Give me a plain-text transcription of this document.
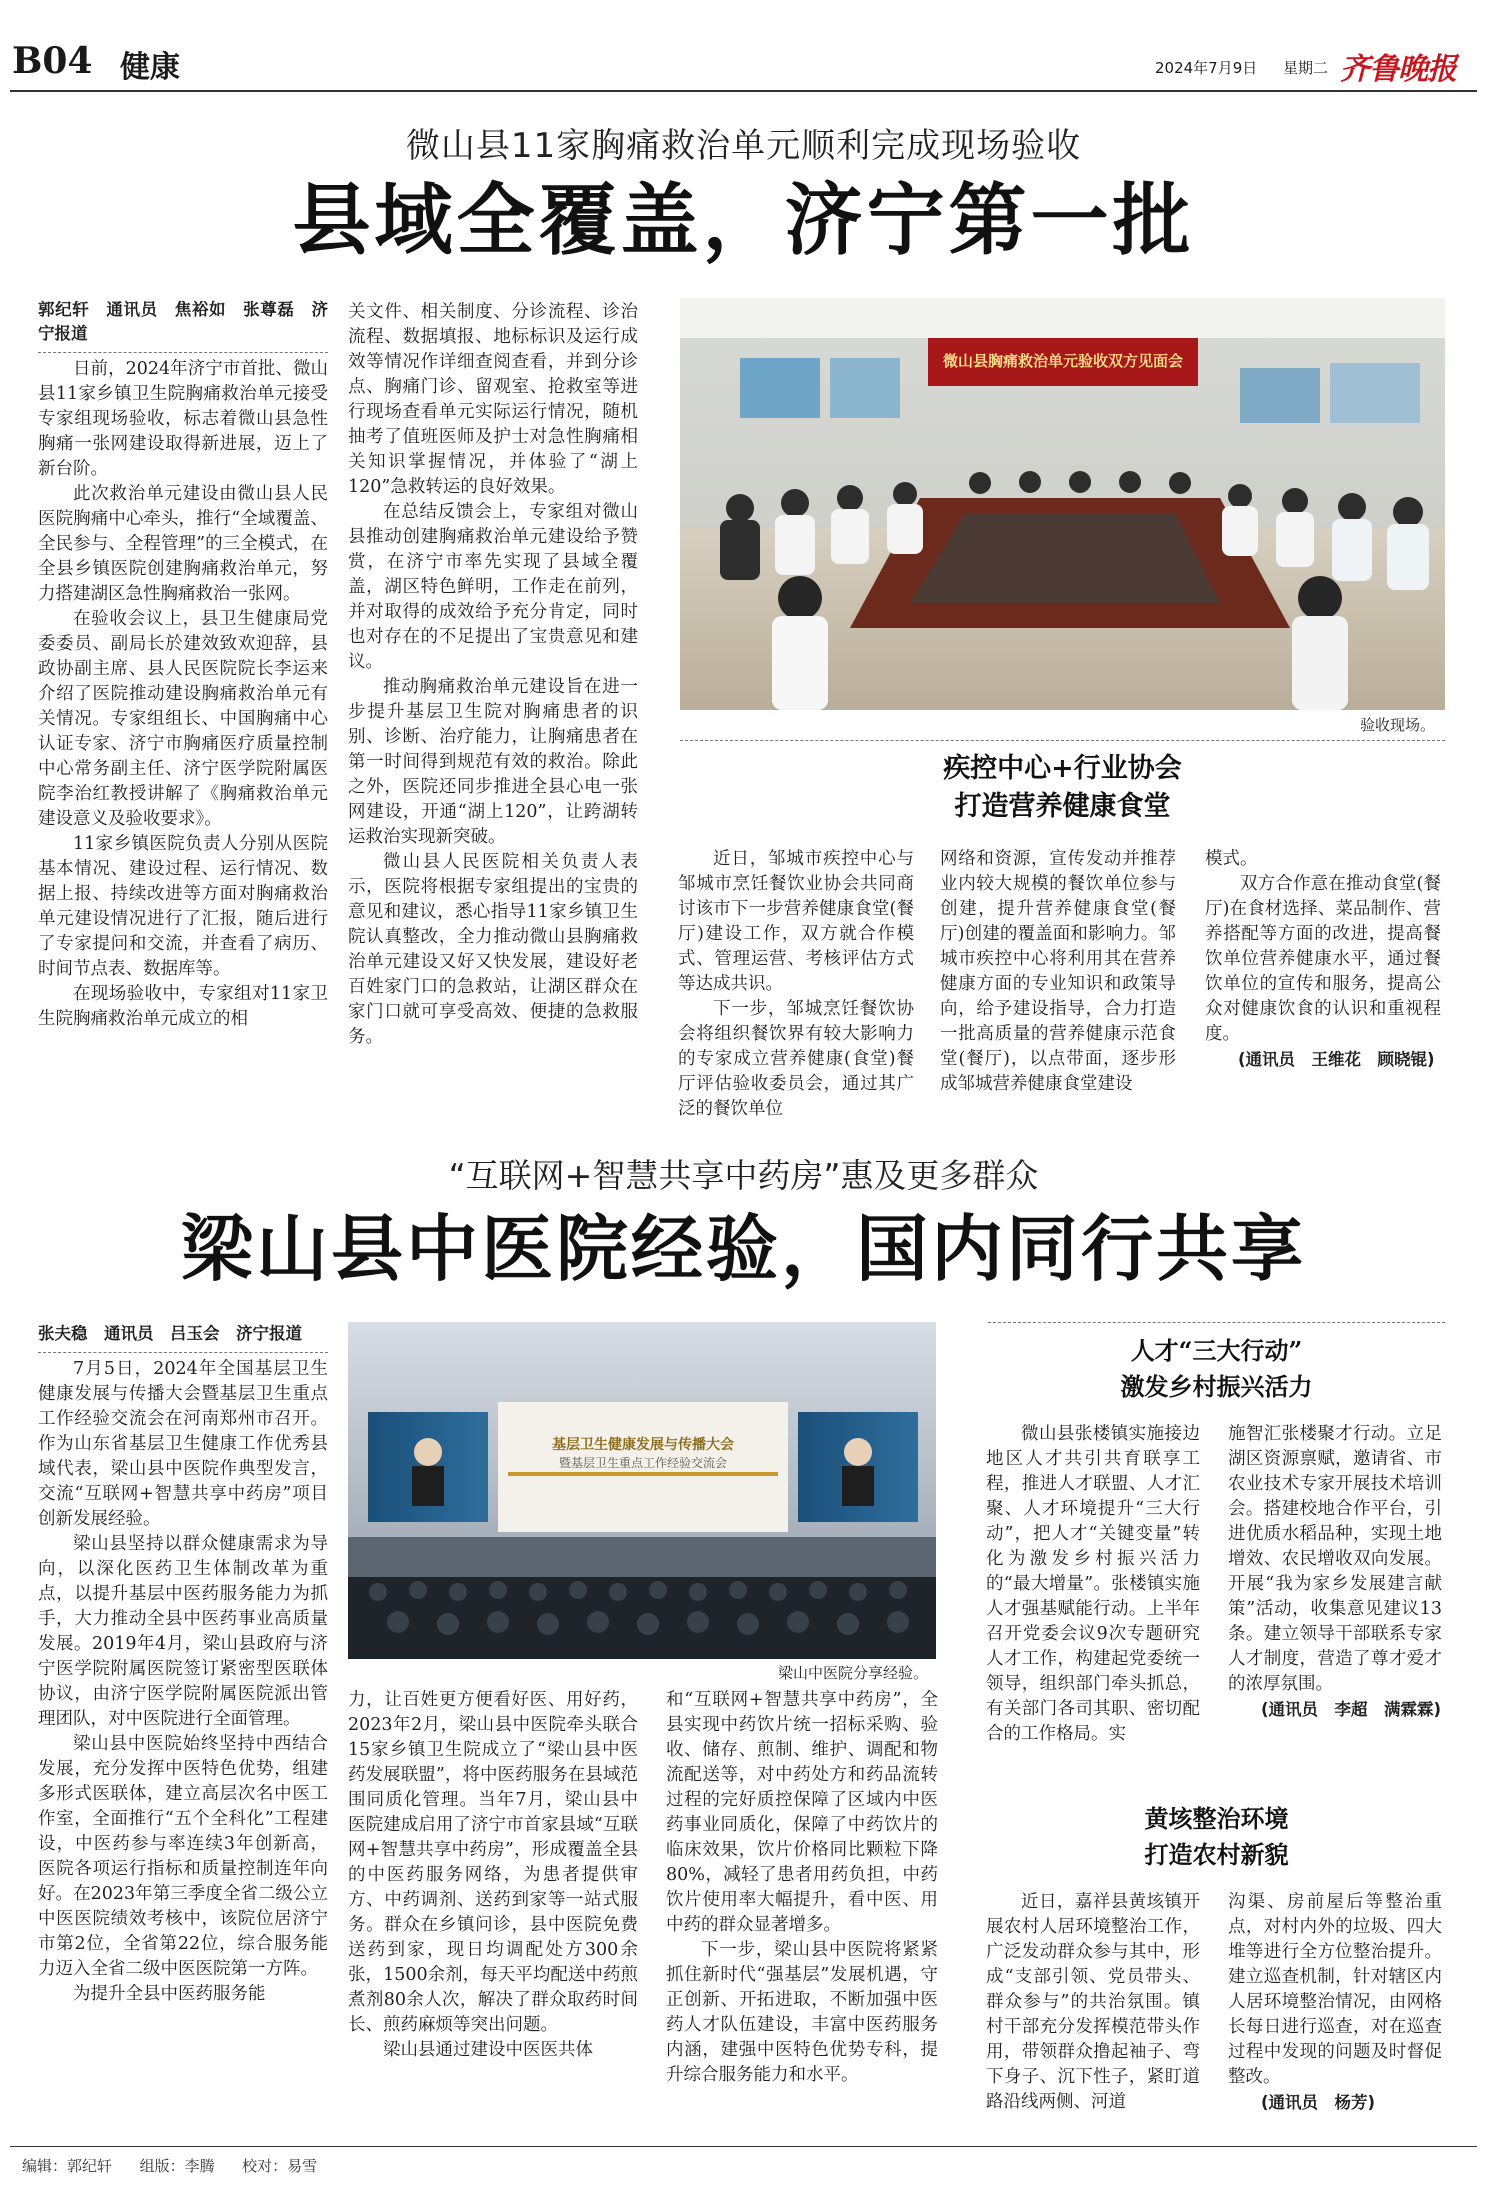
B04 健康	2024年7月9日 星期二 齐鲁晚报
微山县11家胸痛救治单元顺利完成现场验收
县域全覆盖，济宁第一批

郭纪轩　通讯员　焦裕如　张尊磊　济宁报道

日前，2024年济宁市首批、微山县11家乡镇卫生院胸痛救治单元接受专家组现场验收，标志着微山县急性胸痛一张网建设取得新进展，迈上了新台阶。

此次救治单元建设由微山县人民医院胸痛中心牵头，推行“全域覆盖、全民参与、全程管理”的三全模式，在全县乡镇医院创建胸痛救治单元，努力搭建湖区急性胸痛救治一张网。

在验收会议上，县卫生健康局党委委员、副局长於建效致欢迎辞，县政协副主席、县人民医院院长李运来介绍了医院推动建设胸痛救治单元有关情况。专家组组长、中国胸痛中心认证专家、济宁市胸痛医疗质量控制中心常务副主任、济宁医学院附属医院李治红教授讲解了《胸痛救治单元建设意义及验收要求》。

11家乡镇医院负责人分别从医院基本情况、建设过程、运行情况、数据上报、持续改进等方面对胸痛救治单元建设情况进行了汇报，随后进行了专家提问和交流，并查看了病历、时间节点表、数据库等。

在现场验收中，专家组对11家卫生院胸痛救治单元成立的相

关文件、相关制度、分诊流程、诊治流程、数据填报、地标标识及运行成效等情况作详细查阅查看，并到分诊点、胸痛门诊、留观室、抢救室等进行现场查看单元实际运行情况，随机抽考了值班医师及护士对急性胸痛相关知识掌握情况，并体验了“湖上120”急救转运的良好效果。

在总结反馈会上，专家组对微山县推动创建胸痛救治单元建设给予赞赏，在济宁市率先实现了县域全覆盖，湖区特色鲜明，工作走在前列，并对取得的成效给予充分肯定，同时也对存在的不足提出了宝贵意见和建议。

推动胸痛救治单元建设旨在进一步提升基层卫生院对胸痛患者的识别、诊断、治疗能力，让胸痛患者在第一时间得到规范有效的救治。除此之外，医院还同步推进全县心电一张网建设，开通“湖上120”，让跨湖转运救治实现新突破。

微山县人民医院相关负责人表示，医院将根据专家组提出的宝贵的意见和建议，悉心指导11家乡镇卫生院认真整改，全力推动微山县胸痛救治单元建设又好又快发展，建设好老百姓家门口的急救站，让湖区群众在家门口就可享受高效、便捷的急救服务。

微山县胸痛救治单元验收双方见面会
验收现场。
疾控中心+行业协会
打造营养健康食堂

近日，邹城市疾控中心与邹城市烹饪餐饮业协会共同商讨该市下一步营养健康食堂(餐厅)建设工作，双方就合作模式、管理运营、考核评估方式等达成共识。

下一步，邹城烹饪餐饮协会将组织餐饮界有较大影响力的专家成立营养健康(食堂)餐厅评估验收委员会，通过其广泛的餐饮单位

网络和资源，宣传发动并推荐业内较大规模的餐饮单位参与创建，提升营养健康食堂(餐厅)创建的覆盖面和影响力。邹城市疾控中心将利用其在营养健康方面的专业知识和政策导向，给予建设指导，合力打造一批高质量的营养健康示范食堂(餐厅)，以点带面，逐步形成邹城营养健康食堂建设

模式。

双方合作意在推动食堂(餐厅)在食材选择、菜品制作、营养搭配等方面的改进，提高餐饮单位营养健康水平，通过餐饮单位的宣传和服务，提高公众对健康饮食的认识和重视程度。

(通讯员　王维花　顾晓锟)

“互联网+智慧共享中药房”惠及更多群众
梁山县中医院经验，国内同行共享

张夫稳　通讯员　吕玉会　济宁报道

7月5日，2024年全国基层卫生健康发展与传播大会暨基层卫生重点工作经验交流会在河南郑州市召开。作为山东省基层卫生健康工作优秀县域代表，梁山县中医院作典型发言，交流“互联网+智慧共享中药房”项目创新发展经验。

梁山县坚持以群众健康需求为导向，以深化医药卫生体制改革为重点，以提升基层中医药服务能力为抓手，大力推动全县中医药事业高质量发展。2019年4月，梁山县政府与济宁医学院附属医院签订紧密型医联体协议，由济宁医学院附属医院派出管理团队，对中医院进行全面管理。

梁山县中医院始终坚持中西结合发展，充分发挥中医特色优势，组建多形式医联体，建立高层次名中医工作室，全面推行“五个全科化”工程建设，中医药参与率连续3年创新高，医院各项运行指标和质量控制连年向好。在2023年第三季度全省二级公立中医医院绩效考核中，该院位居济宁市第2位，全省第22位，综合服务能力迈入全省二级中医医院第一方阵。

为提升全县中医药服务能

基层卫生健康发展与传播大会
暨基层卫生重点工作经验交流会
梁山中医院分享经验。

力，让百姓更方便看好医、用好药，2023年2月，梁山县中医院牵头联合15家乡镇卫生院成立了“梁山县中医药发展联盟”，将中医药服务在县域范围同质化管理。当年7月，梁山县中医院建成启用了济宁市首家县域“互联网+智慧共享中药房”，形成覆盖全县的中医药服务网络，为患者提供审方、中药调剂、送药到家等一站式服务。群众在乡镇问诊，县中医院免费送药到家，现日均调配处方300余张，1500余剂，每天平均配送中药煎煮剂80余人次，解决了群众取药时间长、煎药麻烦等突出问题。

梁山县通过建设中医医共体

和“互联网+智慧共享中药房”，全县实现中药饮片统一招标采购、验收、储存、煎制、维护、调配和物流配送等，对中药处方和药品流转过程的完好质控保障了区域内中医药事业同质化，保障了中药饮片的临床效果，饮片价格同比颗粒下降80%，减轻了患者用药负担，中药饮片使用率大幅提升，看中医、用中药的群众显著增多。

下一步，梁山县中医院将紧紧抓住新时代“强基层”发展机遇，守正创新、开拓进取，不断加强中医药人才队伍建设，丰富中医药服务内涵，建强中医特色优势专科，提升综合服务能力和水平。

人才“三大行动”
激发乡村振兴活力

微山县张楼镇实施接边地区人才共引共育联享工程，推进人才联盟、人才汇聚、人才环境提升“三大行动”，把人才“关键变量”转化为激发乡村振兴活力的“最大增量”。张楼镇实施人才强基赋能行动。上半年召开党委会议9次专题研究人才工作，构建起党委统一领导，组织部门牵头抓总，有关部门各司其职、密切配合的工作格局。实

施智汇张楼聚才行动。立足湖区资源禀赋，邀请省、市农业技术专家开展技术培训会。搭建校地合作平台，引进优质水稻品种，实现土地增效、农民增收双向发展。开展“我为家乡发展建言献策”活动，收集意见建议13条。建立领导干部联系专家人才制度，营造了尊才爱才的浓厚氛围。

(通讯员　李超　满霖霖)

黄垓整治环境
打造农村新貌

近日，嘉祥县黄垓镇开展农村人居环境整治工作，广泛发动群众参与其中，形成“支部引领、党员带头、群众参与”的共治氛围。镇村干部充分发挥模范带头作用，带领群众撸起袖子、弯下身子、沉下性子，紧盯道路沿线两侧、河道

沟渠、房前屋后等整治重点，对村内外的垃圾、四大堆等进行全方位整治提升。建立巡查机制，针对辖区内人居环境整治情况，由网格长每日进行巡查，对在巡查过程中发现的问题及时督促整改。

(通讯员　杨芳)

编辑：郭纪轩 组版：李腾 校对：易雪
